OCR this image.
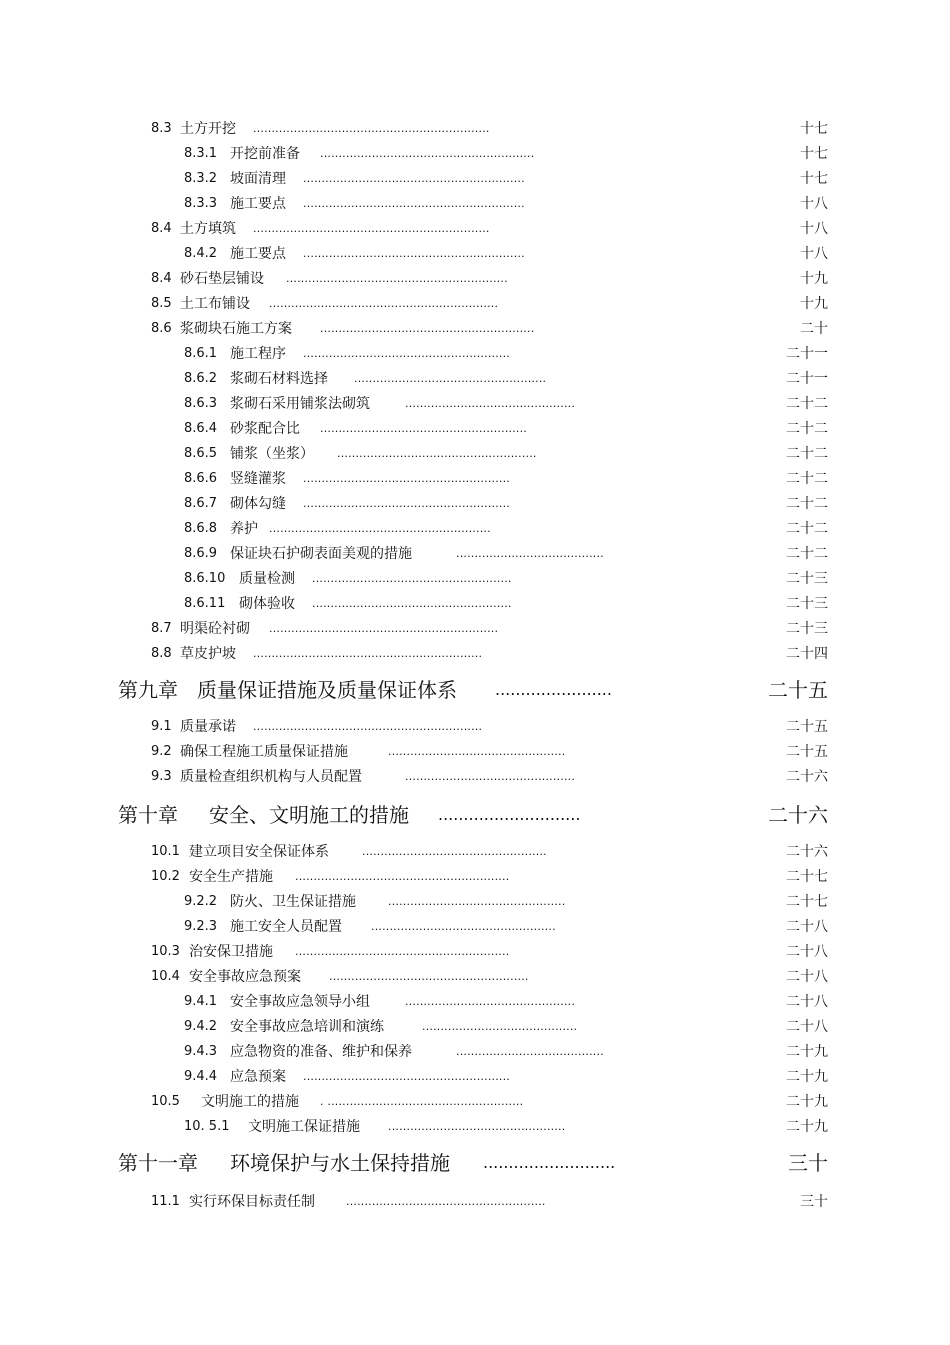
8.3 土方开挖 ................................................................	十七
8.3.1 开挖前准备 ..........................................................	十七
8.3.2 坡面清理 ............................................................	十七
8.3.3 施工要点 ............................................................	十八
8.4 土方填筑 ................................................................	十八
8.4.2 施工要点 ............................................................	十八
8.4 砂石垫层铺设 ............................................................	十九
8.5 土工布铺设 ..............................................................	十九
8.6 浆砌块石施工方案	..........................................................	二十
8.6.1 施工程序 ........................................................	二十一
8.6.2 浆砌石材料选择 ....................................................	二十一
8.6.3 浆砌石采用铺浆法砌筑	..............................................	二十二
8.6.4 砂浆配合比 ........................................................	二十二
8.6.5 铺浆（坐浆） ......................................................	二十二
8.6.6 竖缝灌浆 ........................................................	二十二
8.6.7 砌体勾缝 ........................................................	二十二
8.6.8 养护 ............................................................	二十二
8.6.9 保证块石护砌表面美观的措施	........................................	二十二
8.6.10 质量检测 ......................................................	二十三
8.6.11 砌体验收 ......................................................	二十三
8.7 明渠砼衬砌 ..............................................................	二十三
8.8 草皮护坡 ..............................................................	二十四
第九章 质量保证措施及质量保证体系 .......................	二十五
9.1 质量承诺 ..............................................................	二十五
9.2 确保工程施工质量保证措施	................................................	二十五
9.3 质量检查组织机构与人员配置	..............................................	二十六
第十章 安全、文明施工的措施 ............................	二十六
10.1 建立项目安全保证体系	..................................................	二十六
10.2 安全生产措施 ..........................................................	二十七
9.2.2 防火、卫生保证措施	................................................	二十七
9.2.3 施工安全人员配置	..................................................	二十八
10.3 治安保卫措施 ..........................................................	二十八
10.4 安全事故应急预案	......................................................	二十八
9.4.1 安全事故应急领导小组	..............................................	二十八
9.4.2 安全事故应急培训和演练	..........................................	二十八
9.4.3 应急物资的准备、维护和保养	........................................	二十九
9.4.4 应急预案 ........................................................	二十九
10.5 文明施工的措施 . .....................................................	二十九
10. 5.1 文明施工保证措施	................................................	二十九
第十一章 环境保护与水土保持措施 ..........................	三十
11.1 实行环保目标责任制	......................................................	三十
